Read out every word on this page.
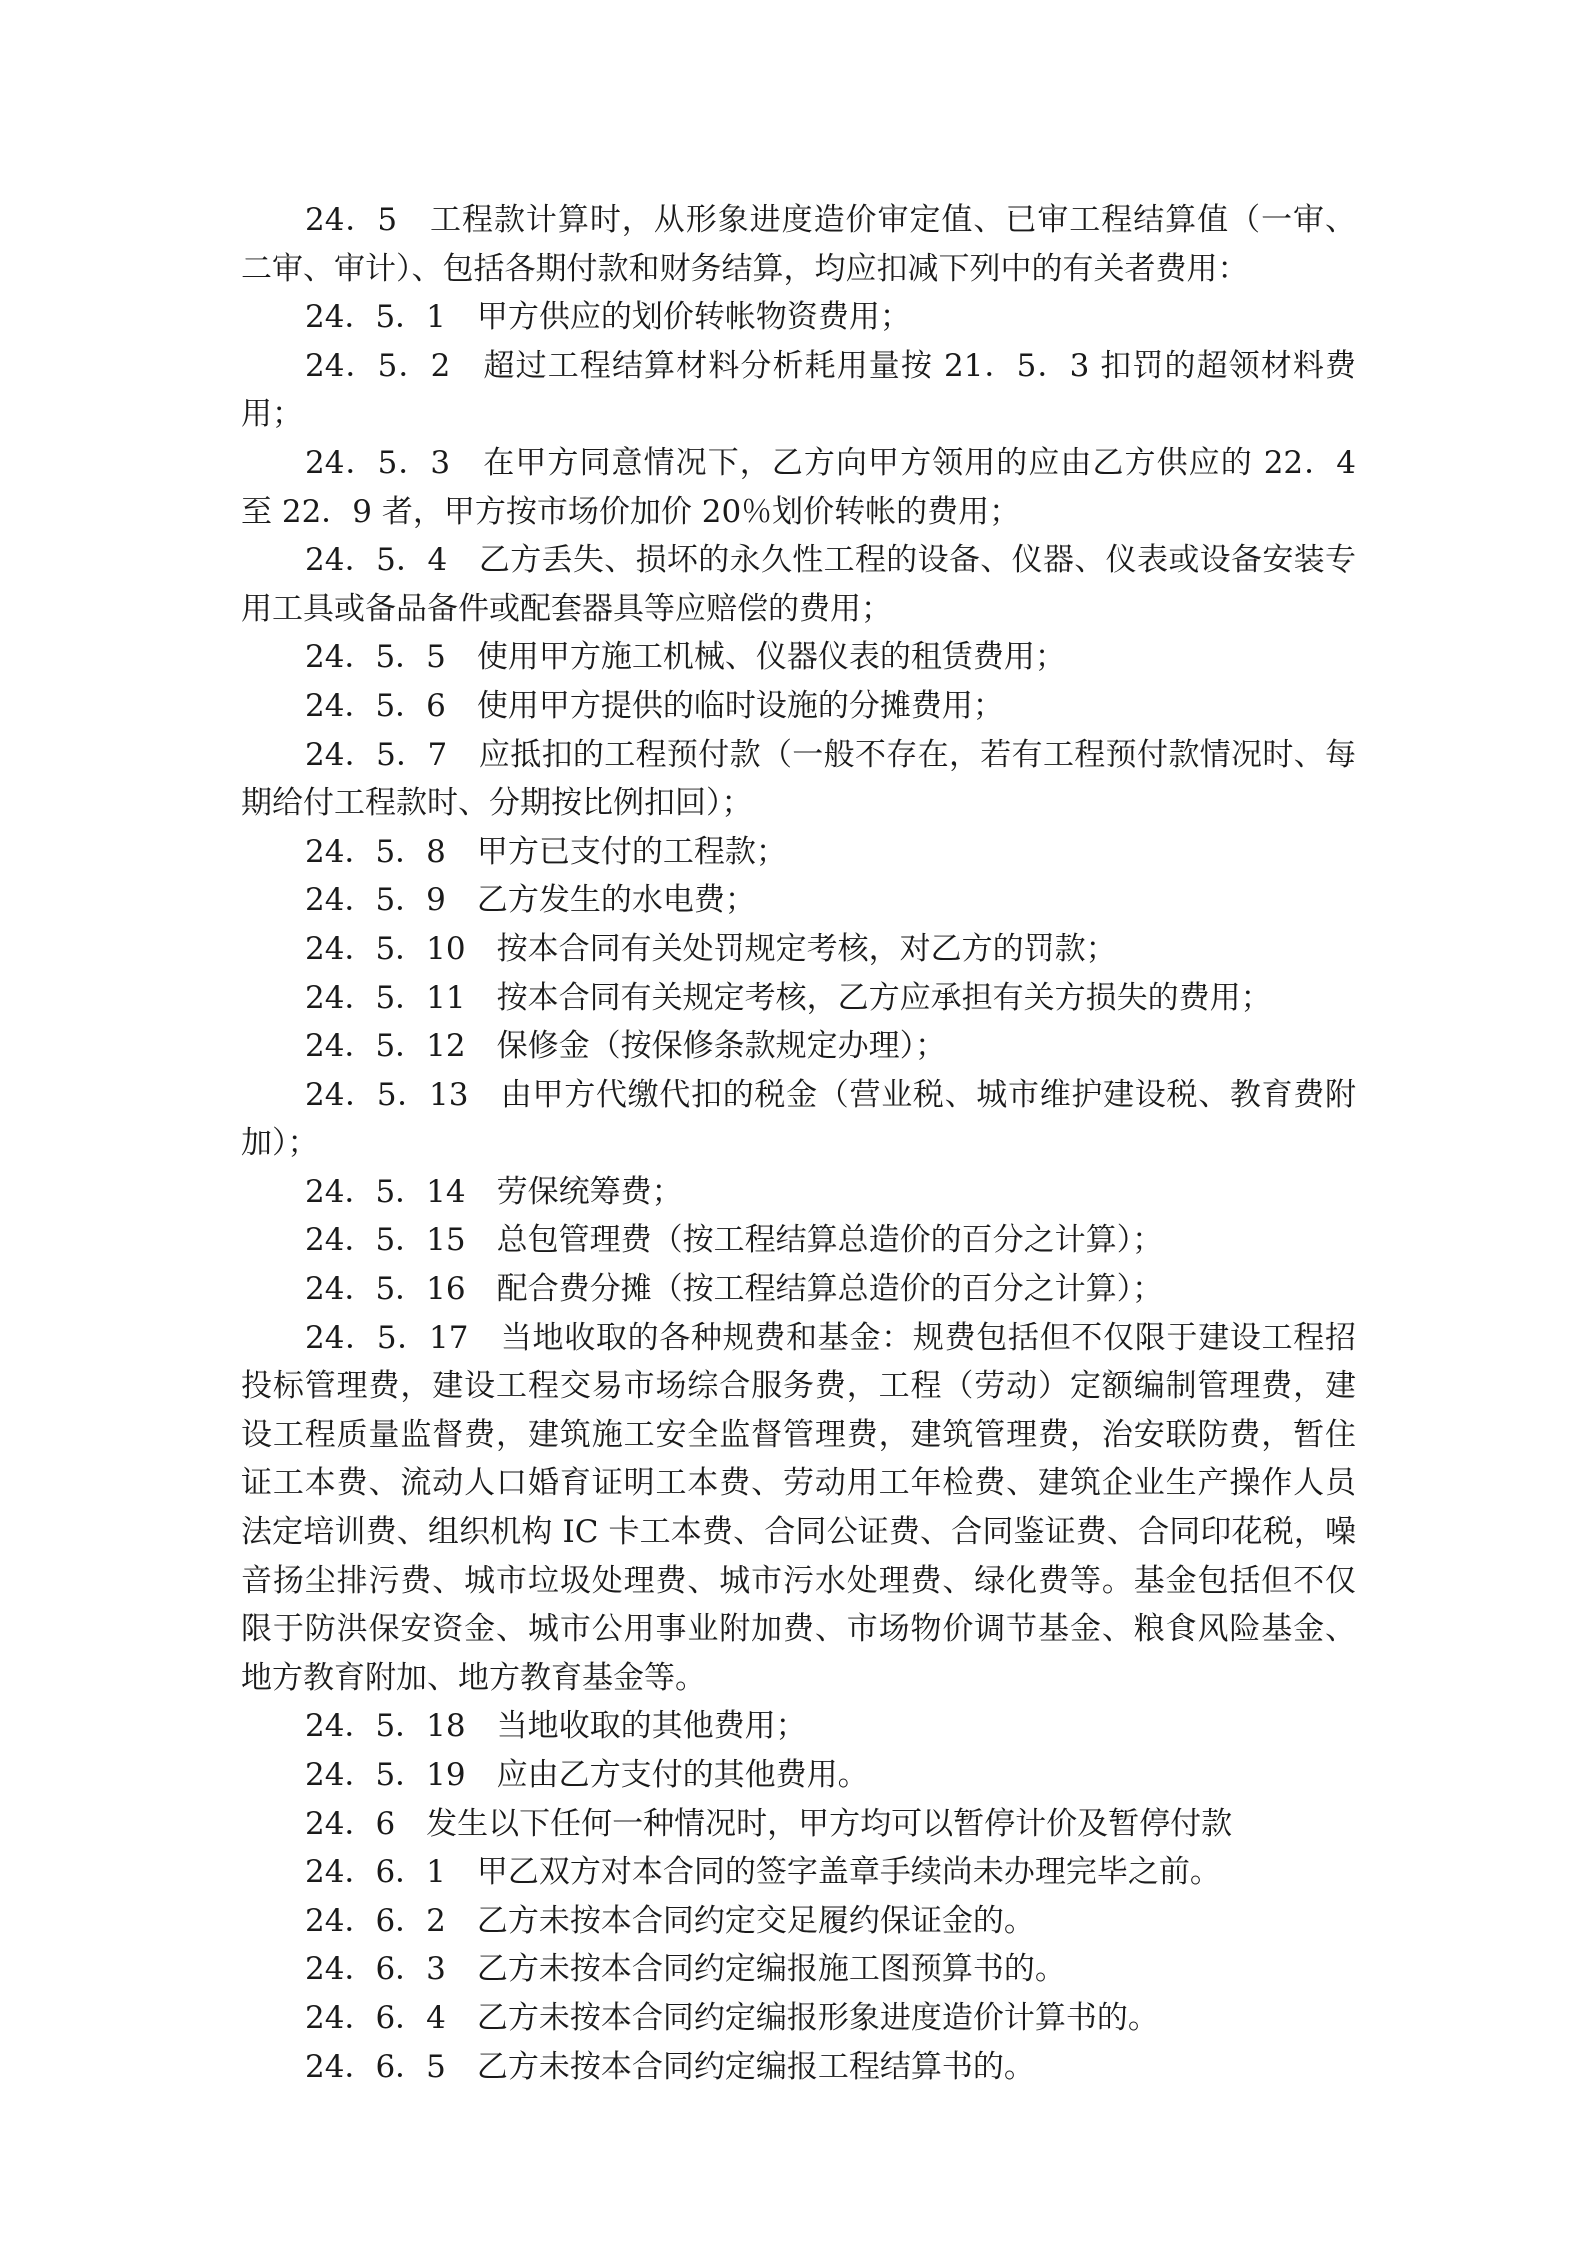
24．5　工程款计算时，从形象进度造价审定值、已审工程结算值（一审、二审、审计）、包括各期付款和财务结算，均应扣减下列中的有关者费用：

24．5．1　甲方供应的划价转帐物资费用；

24．5．2　超过工程结算材料分析耗用量按 21．5．3 扣罚的超领材料费用；

24．5．3　在甲方同意情况下，乙方向甲方领用的应由乙方供应的 22．4 至 22．9 者，甲方按市场价加价 20％划价转帐的费用；

24．5．4　乙方丢失、损坏的永久性工程的设备、仪器、仪表或设备安装专用工具或备品备件或配套器具等应赔偿的费用；

24．5．5　使用甲方施工机械、仪器仪表的租赁费用；

24．5．6　使用甲方提供的临时设施的分摊费用；

24．5．7　应抵扣的工程预付款（一般不存在，若有工程预付款情况时、每期给付工程款时、分期按比例扣回）；

24．5．8　甲方已支付的工程款；

24．5．9　乙方发生的水电费；

24．5．10　按本合同有关处罚规定考核，对乙方的罚款；

24．5．11　按本合同有关规定考核，乙方应承担有关方损失的费用；

24．5．12　保修金（按保修条款规定办理）；

24．5．13　由甲方代缴代扣的税金（营业税、城市维护建设税、教育费附加）；

24．5．14　劳保统筹费；

24．5．15　总包管理费（按工程结算总造价的百分之计算）；

24．5．16　配合费分摊（按工程结算总造价的百分之计算）；

24．5．17　当地收取的各种规费和基金：规费包括但不仅限于建设工程招投标管理费，建设工程交易市场综合服务费，工程（劳动）定额编制管理费，建设工程质量监督费，建筑施工安全监督管理费，建筑管理费，治安联防费，暂住证工本费、流动人口婚育证明工本费、劳动用工年检费、建筑企业生产操作人员法定培训费、组织机构 IC 卡工本费、合同公证费、合同鉴证费、合同印花税，噪音扬尘排污费、城市垃圾处理费、城市污水处理费、绿化费等。基金包括但不仅限于防洪保安资金、城市公用事业附加费、市场物价调节基金、粮食风险基金、地方教育附加、地方教育基金等。

24．5．18　当地收取的其他费用；

24．5．19　应由乙方支付的其他费用。

24．6　发生以下任何一种情况时，甲方均可以暂停计价及暂停付款

24．6．1　甲乙双方对本合同的签字盖章手续尚未办理完毕之前。

24．6．2　乙方未按本合同约定交足履约保证金的。

24．6．3　乙方未按本合同约定编报施工图预算书的。

24．6．4　乙方未按本合同约定编报形象进度造价计算书的。

24．6．5　乙方未按本合同约定编报工程结算书的。
